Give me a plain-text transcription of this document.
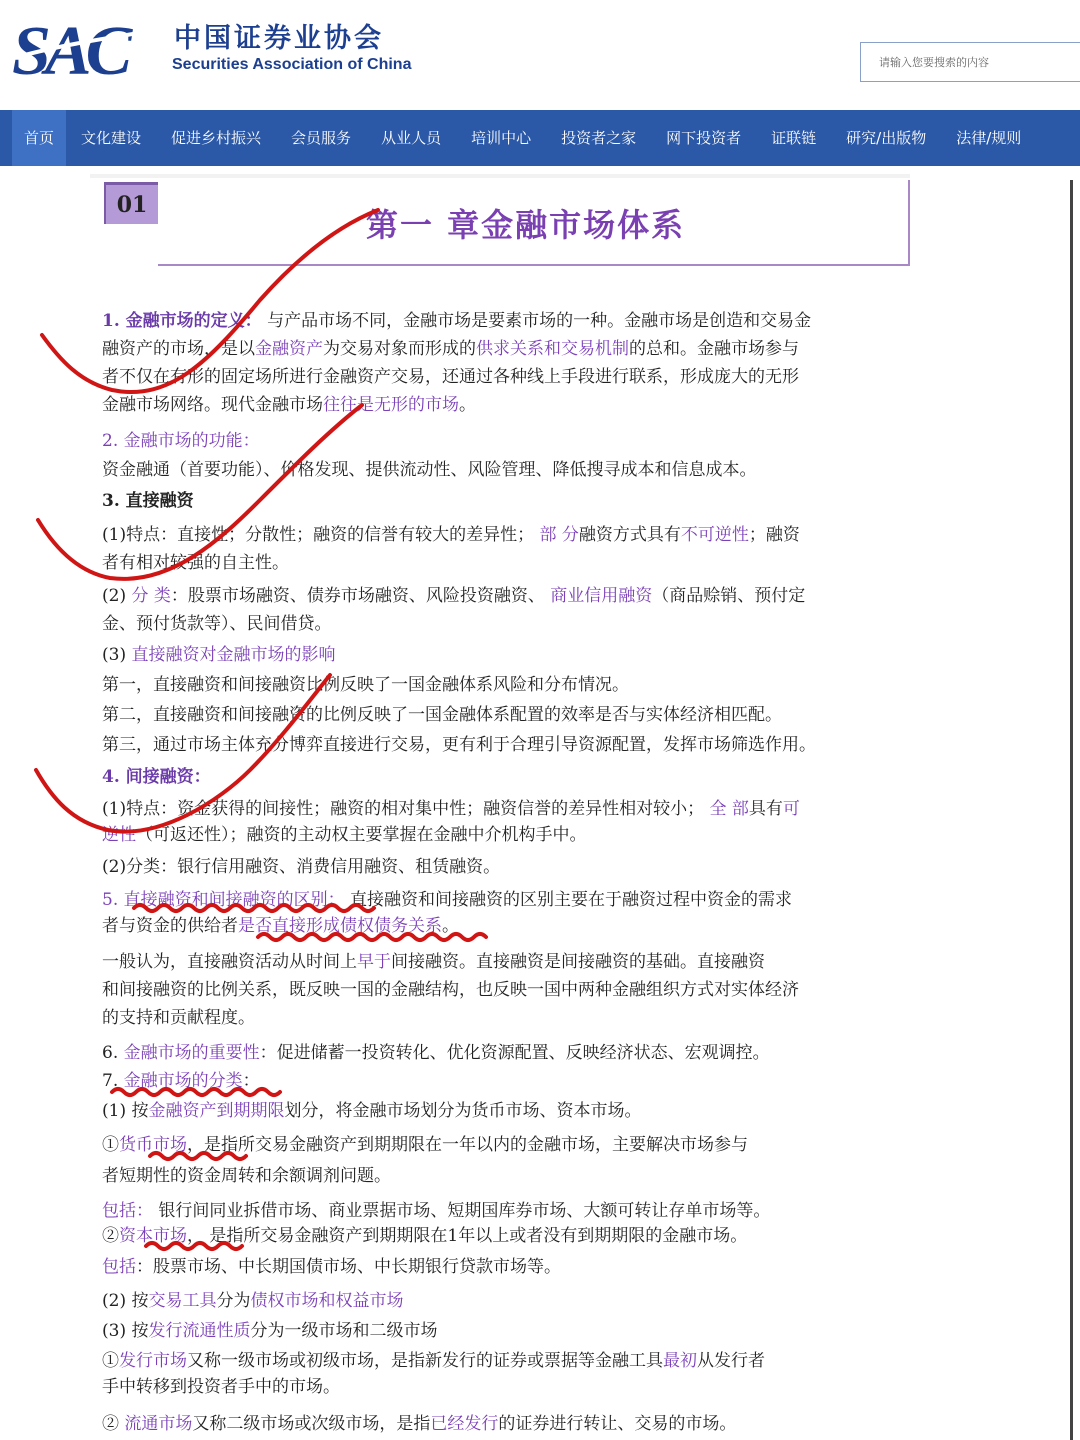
SAC 中国证券业协会
Securities Association of China
请输入您要搜索的内容
首页	文化建设	促进乡村振兴	会员服务	从业人员	培训中心	投资者之家	网下投资者	证联链	研究/出版物	法律/规则
01
第一 章金融市场体系
1. 金融市场的定义： 与产品市场不同，金融市场是要素市场的一种。金融市场是创造和交易金
融资产的市场，是以金融资产为交易对象而形成的供求关系和交易机制的总和。金融市场参与
者不仅在有形的固定场所进行金融资产交易，还通过各种线上手段进行联系，形成庞大的无形
金融市场网络。现代金融市场往往是无形的市场。
2. 金融市场的功能：
资金融通（首要功能）、价格发现、提供流动性、风险管理、降低搜寻成本和信息成本。
3. 直接融资
(1)特点：直接性；分散性；融资的信誉有较大的差异性； 部 分融资方式具有不可逆性；融资
者有相对较强的自主性。
(2) 分 类：股票市场融资、债券市场融资、风险投资融资、 商业信用融资（商品赊销、预付定
金、预付货款等）、民间借贷。
(3) 直接融资对金融市场的影响
第一，直接融资和间接融资比例反映了一国金融体系风险和分布情况。
第二，直接融资和间接融资的比例反映了一国金融体系配置的效率是否与实体经济相匹配。
第三，通过市场主体充分博弈直接进行交易，更有利于合理引导资源配置，发挥市场筛选作用。
4. 间接融资：
(1)特点：资金获得的间接性；融资的相对集中性；融资信誉的差异性相对较小； 全 部具有可
逆性（可返还性）；融资的主动权主要掌握在金融中介机构手中。
(2)分类：银行信用融资、消费信用融资、租赁融资。
5. 直接融资和间接融资的区别： 直接融资和间接融资的区别主要在于融资过程中资金的需求
者与资金的供给者是否直接形成债权债务关系。
一般认为，直接融资活动从时间上早于间接融资。直接融资是间接融资的基础。直接融资
和间接融资的比例关系，既反映一国的金融结构，也反映一国中两种金融组织方式对实体经济
的支持和贡献程度。
6. 金融市场的重要性：促进储蓄一投资转化、优化资源配置、反映经济状态、宏观调控。
7. 金融市场的分类：
(1) 按金融资产到期期限划分，将金融市场划分为货币市场、资本市场。
①货币市场，是指所交易金融资产到期期限在一年以内的金融市场，主要解决市场参与
者短期性的资金周转和余额调剂问题。
包括： 银行间同业拆借市场、商业票据市场、短期国库券市场、大额可转让存单市场等。
②资本市场， 是指所交易金融资产到期期限在1年以上或者没有到期期限的金融市场。
包括：股票市场、中长期国债市场、中长期银行贷款市场等。
(2) 按交易工具分为债权市场和权益市场
(3) 按发行流通性质分为一级市场和二级市场
①发行市场又称一级市场或初级市场，是指新发行的证券或票据等金融工具最初从发行者
手中转移到投资者手中的市场。
② 流通市场又称二级市场或次级市场，是指已经发行的证券进行转让、交易的市场。
